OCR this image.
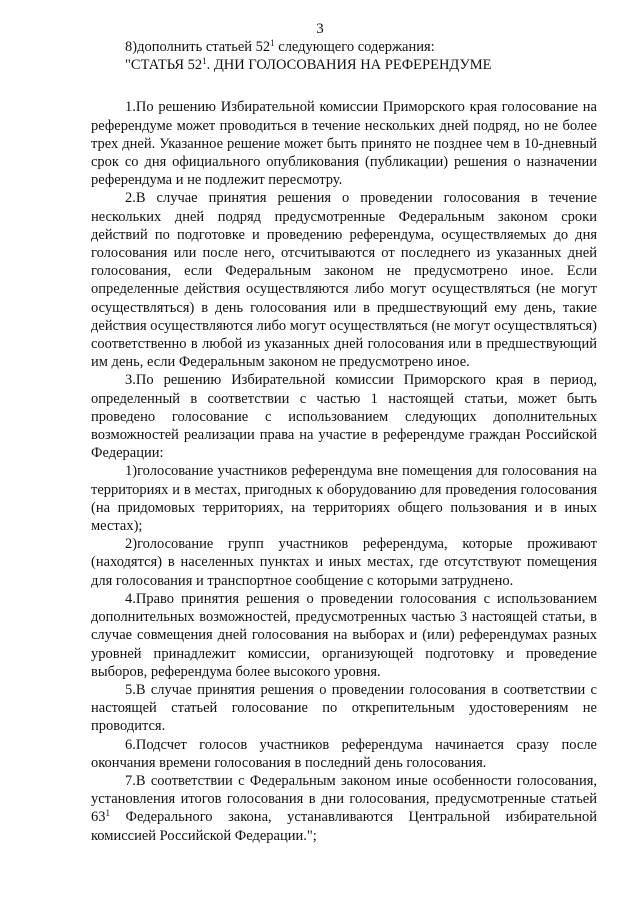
3

8)дополнить статьей $52^1$ следующего содержания:

"СТАТЬЯ $52^1$. ДНИ ГОЛОСОВАНИЯ НА РЕФЕРЕНДУМЕ

1.По решению Избирательной комиссии Приморского края голосование на референдуме может проводиться в течение нескольких дней подряд, но не более трех дней. Указанное решение может быть принято не позднее чем в 10-дневный срок со дня официального опубликования (публикации) решения о назначении референдума и не подлежит пересмотру.

2.В случае принятия решения о проведении голосования в течение нескольких дней подряд предусмотренные Федеральным законом сроки действий по подготовке и проведению референдума, осуществляемых до дня голосования или после него, отсчитываются от последнего из указанных дней голосования, если Федеральным законом не предусмотрено иное. Если определенные действия осуществляются либо могут осуществляться (не могут осуществляться) в день голосования или в предшествующий ему день, такие действия осуществляются либо могут осуществляться (не могут осуществляться) соответственно в любой из указанных дней голосования или в предшествующий им день, если Федеральным законом не предусмотрено иное.

3.По решению Избирательной комиссии Приморского края в период, определенный в соответствии с частью 1 настоящей статьи, может быть проведено голосование с использованием следующих дополнительных возможностей реализации права на участие в референдуме граждан Российской Федерации:

1)голосование участников референдума вне помещения для голосования на территориях и в местах, пригодных к оборудованию для проведения голосования (на придомовых территориях, на территориях общего пользования и в иных местах);

2)голосование групп участников референдума, которые проживают (находятся) в населенных пунктах и иных местах, где отсутствуют помещения для голосования и транспортное сообщение с которыми затруднено.

4.Право принятия решения о проведении голосования с использованием дополнительных возможностей, предусмотренных частью 3 настоящей статьи, в случае совмещения дней голосования на выборах и (или) референдумах разных уровней принадлежит комиссии, организующей подготовку и проведение выборов, референдума более высокого уровня.

5.В случае принятия решения о проведении голосования в соответствии с настоящей статьей голосование по открепительным удостоверениям не проводится.

6.Подсчет голосов участников референдума начинается сразу после окончания времени голосования в последний день голосования.

7.В соответствии с Федеральным законом иные особенности голосования, установления итогов голосования в дни голосования, предусмотренные статьей $63^1$ Федерального закона, устанавливаются Центральной избирательной комиссией Российской Федерации.";
